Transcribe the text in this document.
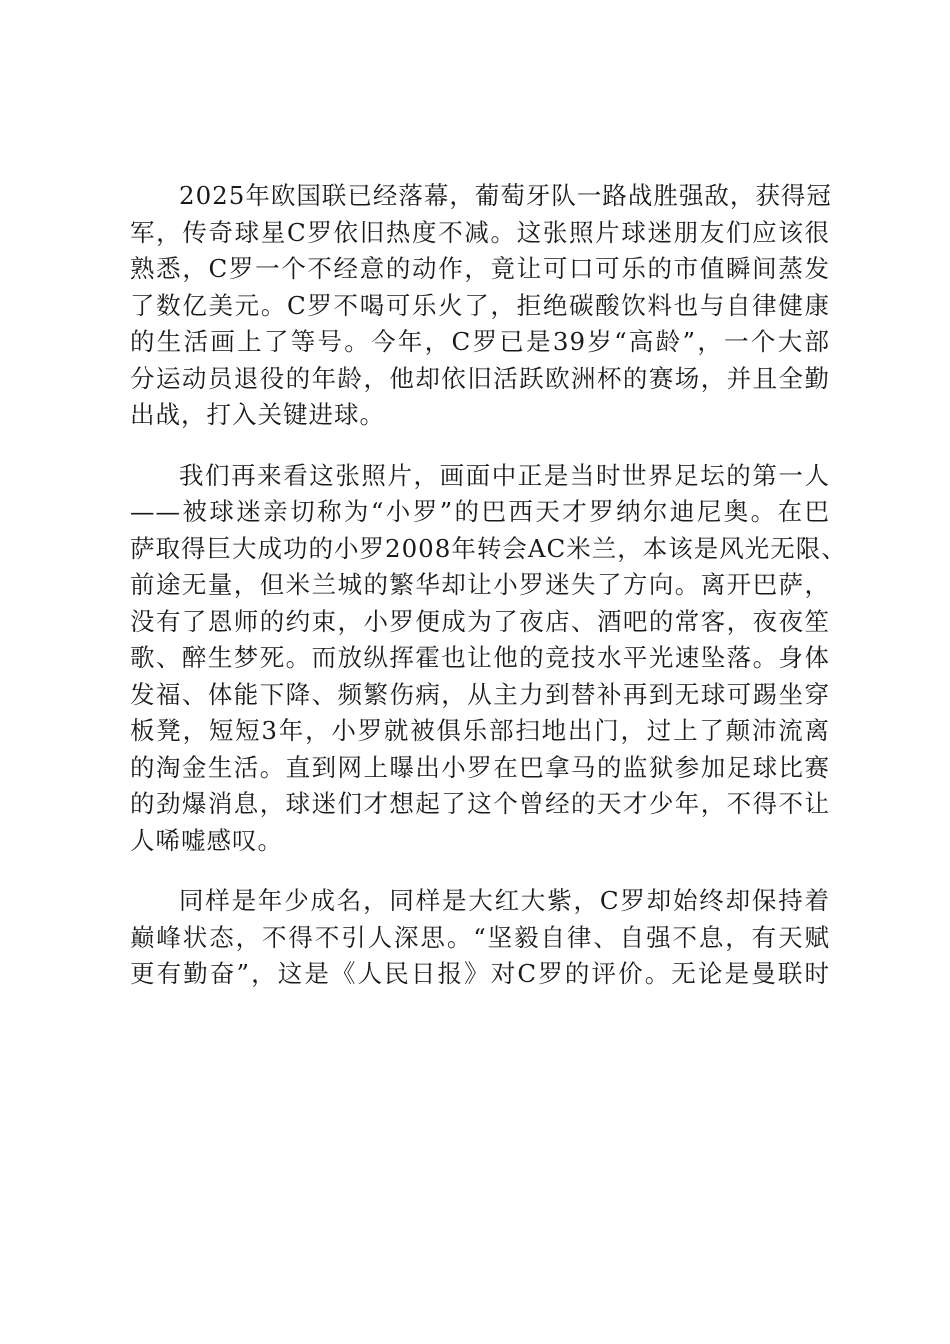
2025年欧国联已经落幕，葡萄牙队一路战胜强敌，获得冠
军，传奇球星C罗依旧热度不减。这张照片球迷朋友们应该很
熟悉，C罗一个不经意的动作，竟让可口可乐的市值瞬间蒸发
了数亿美元。C罗不喝可乐火了，拒绝碳酸饮料也与自律健康
的生活画上了等号。今年，C罗已是39岁“高龄”，一个大部
分运动员退役的年龄，他却依旧活跃欧洲杯的赛场，并且全勤
出战，打入关键进球。
我们再来看这张照片，画面中正是当时世界足坛的第一人
——被球迷亲切称为“小罗”的巴西天才罗纳尔迪尼奥。在巴
萨取得巨大成功的小罗2008年转会AC米兰，本该是风光无限、
前途无量，但米兰城的繁华却让小罗迷失了方向。离开巴萨，
没有了恩师的约束，小罗便成为了夜店、酒吧的常客，夜夜笙
歌、醉生梦死。而放纵挥霍也让他的竞技水平光速坠落。身体
发福、体能下降、频繁伤病，从主力到替补再到无球可踢坐穿
板凳，短短3年，小罗就被俱乐部扫地出门，过上了颠沛流离
的淘金生活。直到网上曝出小罗在巴拿马的监狱参加足球比赛
的劲爆消息，球迷们才想起了这个曾经的天才少年，不得不让
人唏嘘感叹。
同样是年少成名，同样是大红大紫，C罗却始终却保持着
巅峰状态，不得不引人深思。“坚毅自律、自强不息，有天赋
更有勤奋”，这是《人民日报》对C罗的评价。无论是曼联时
